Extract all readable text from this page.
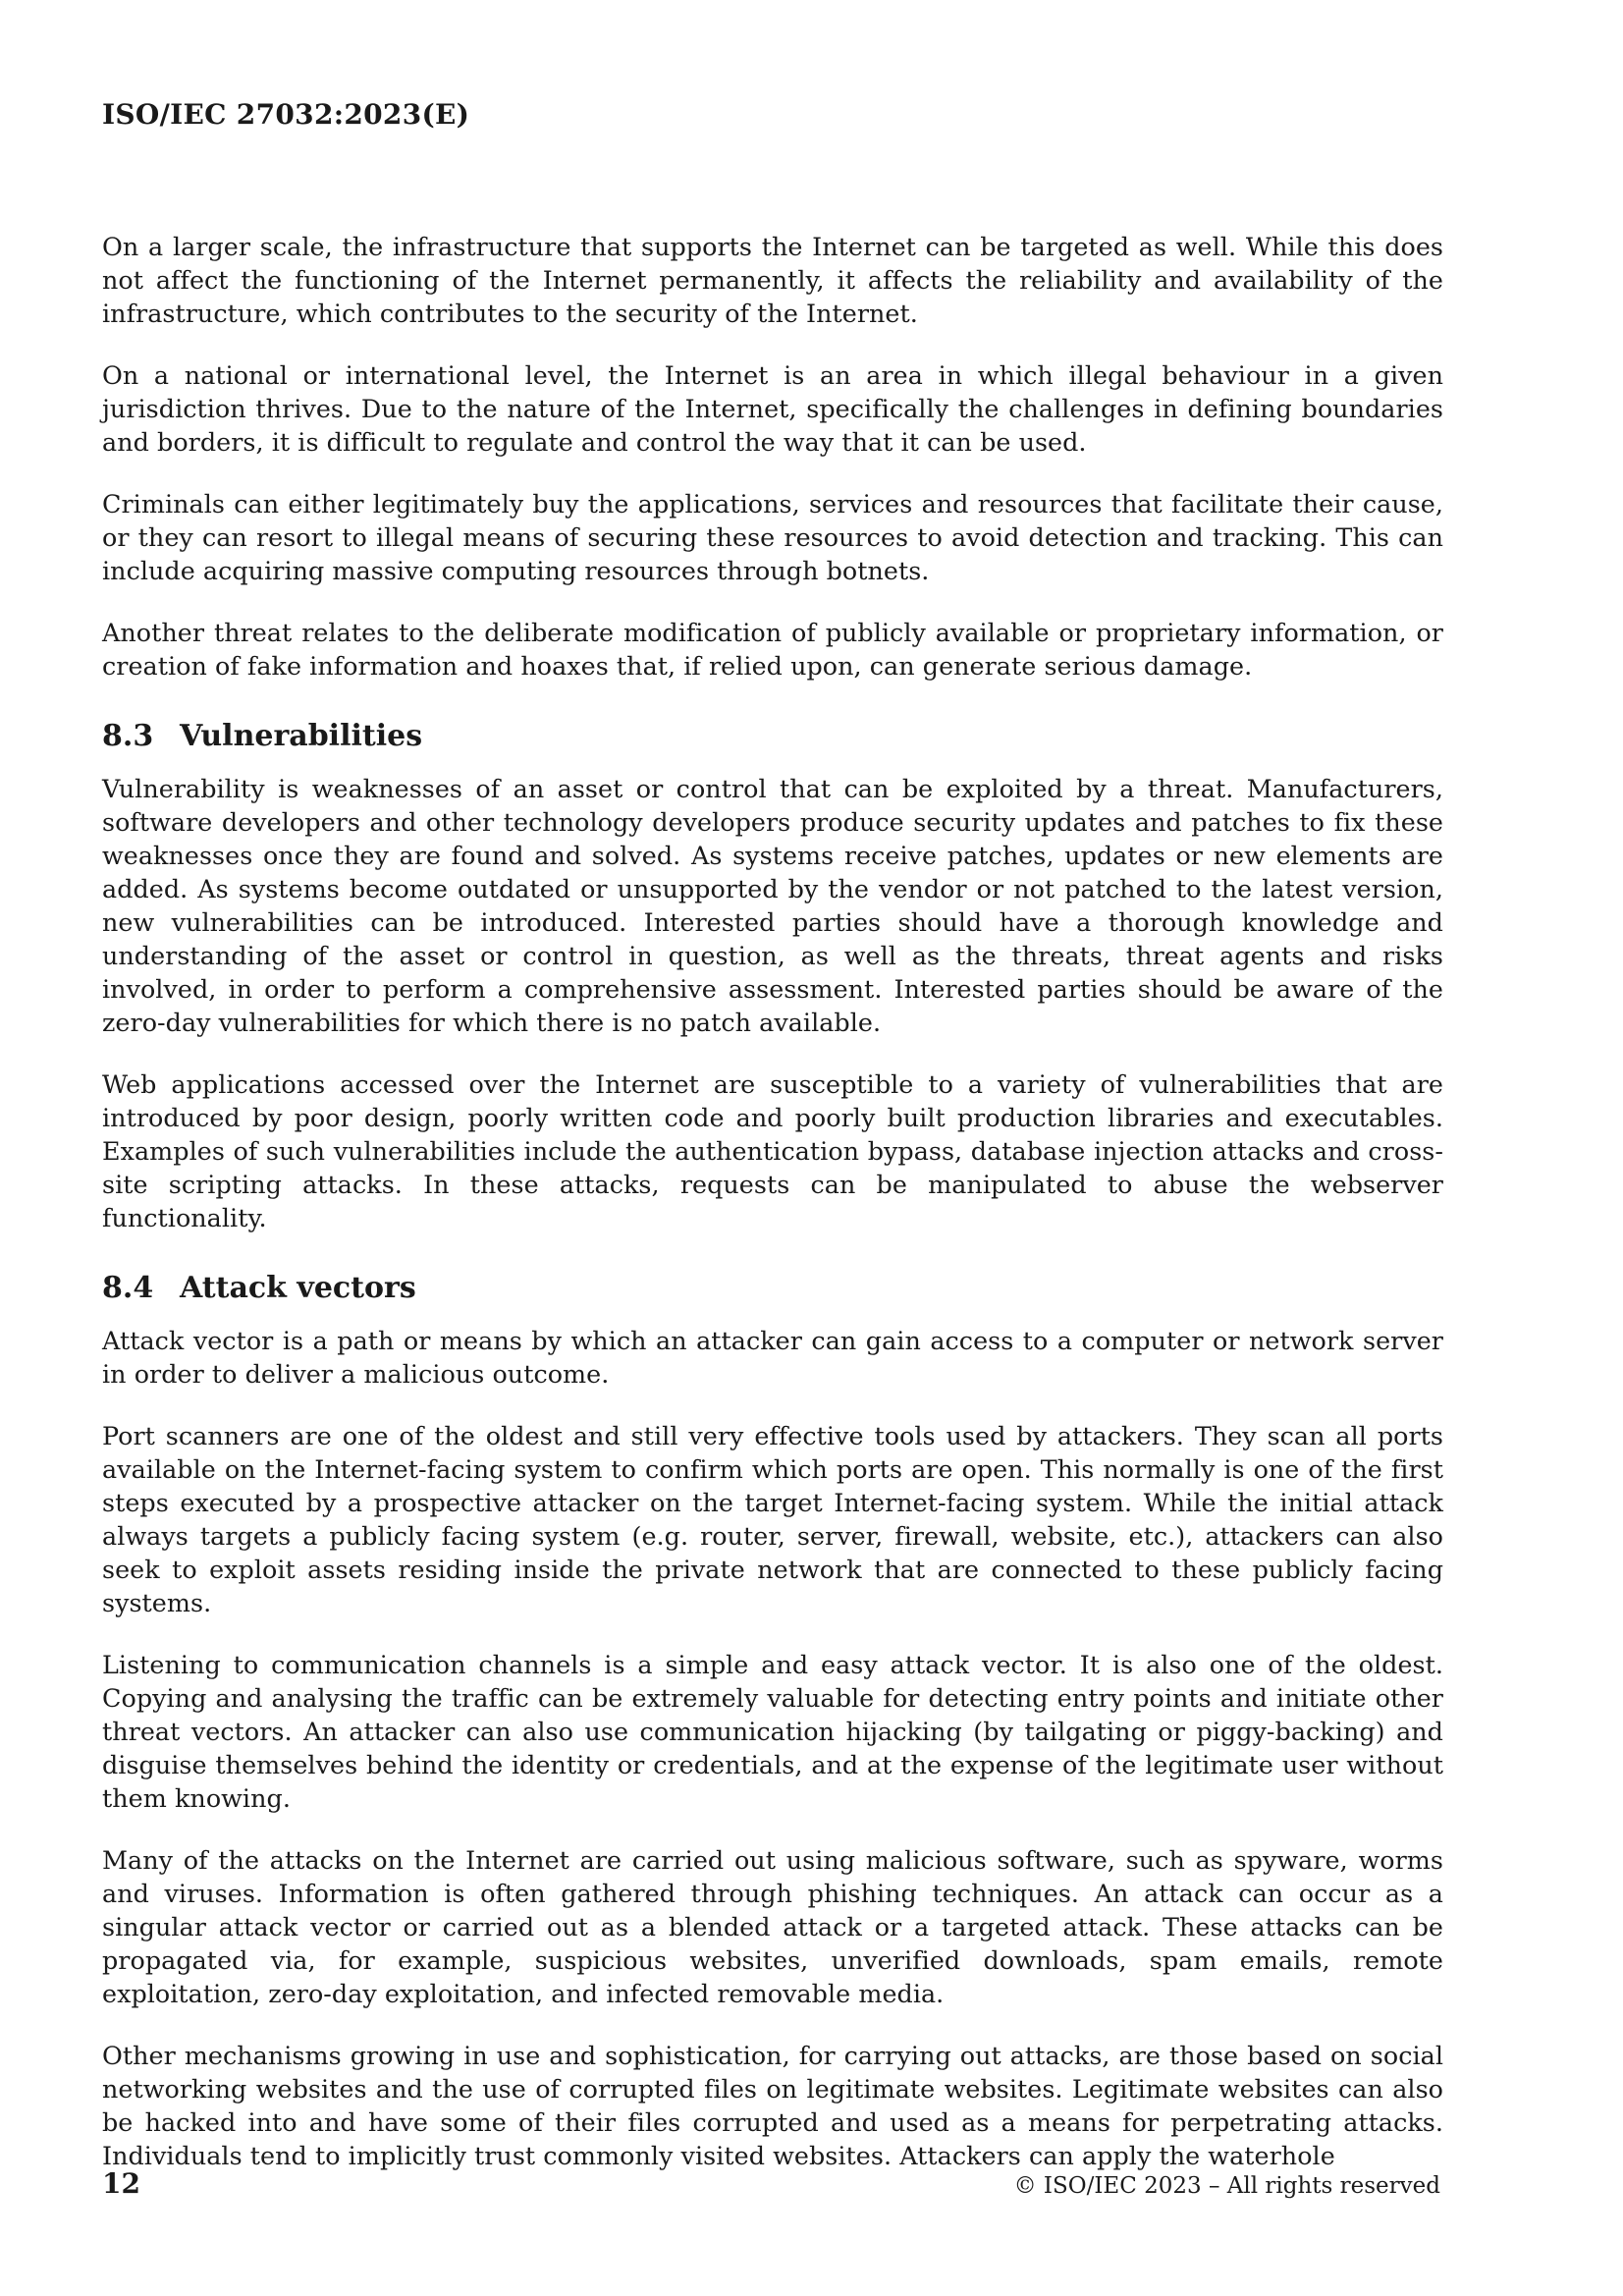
ISO/IEC 27032:2023(E)

On a larger scale, the infrastructure that supports the Internet can be targeted as well. While this does not affect the functioning of the Internet permanently, it affects the reliability and availability of the infrastructure, which contributes to the security of the Internet.

On a national or international level, the Internet is an area in which illegal behaviour in a given jurisdiction thrives. Due to the nature of the Internet, specifically the challenges in defining boundaries and borders, it is difficult to regulate and control the way that it can be used.

Criminals can either legitimately buy the applications, services and resources that facilitate their cause, or they can resort to illegal means of securing these resources to avoid detection and tracking. This can include acquiring massive computing resources through botnets.

Another threat relates to the deliberate modification of publicly available or proprietary information, or creation of fake information and hoaxes that, if relied upon, can generate serious damage.

8.3 Vulnerabilities

Vulnerability is weaknesses of an asset or control that can be exploited by a threat. Manufacturers, software developers and other technology developers produce security updates and patches to fix these weaknesses once they are found and solved. As systems receive patches, updates or new elements are added. As systems become outdated or unsupported by the vendor or not patched to the latest version, new vulnerabilities can be introduced. Interested parties should have a thorough knowledge and understanding of the asset or control in question, as well as the threats, threat agents and risks involved, in order to perform a comprehensive assessment. Interested parties should be aware of the zero-day vulnerabilities for which there is no patch available.

Web applications accessed over the Internet are susceptible to a variety of vulnerabilities that are introduced by poor design, poorly written code and poorly built production libraries and executables. Examples of such vulnerabilities include the authentication bypass, database injection attacks and cross-site scripting attacks. In these attacks, requests can be manipulated to abuse the webserver functionality.

8.4 Attack vectors

Attack vector is a path or means by which an attacker can gain access to a computer or network server in order to deliver a malicious outcome.

Port scanners are one of the oldest and still very effective tools used by attackers. They scan all ports available on the Internet-facing system to confirm which ports are open. This normally is one of the first steps executed by a prospective attacker on the target Internet-facing system. While the initial attack always targets a publicly facing system (e.g. router, server, firewall, website, etc.), attackers can also seek to exploit assets residing inside the private network that are connected to these publicly facing systems.

Listening to communication channels is a simple and easy attack vector. It is also one of the oldest. Copying and analysing the traffic can be extremely valuable for detecting entry points and initiate other threat vectors. An attacker can also use communication hijacking (by tailgating or piggy-backing) and disguise themselves behind the identity or credentials, and at the expense of the legitimate user without them knowing.

Many of the attacks on the Internet are carried out using malicious software, such as spyware, worms and viruses. Information is often gathered through phishing techniques. An attack can occur as a singular attack vector or carried out as a blended attack or a targeted attack. These attacks can be propagated via, for example, suspicious websites, unverified downloads, spam emails, remote exploitation, zero-day exploitation, and infected removable media.

Other mechanisms growing in use and sophistication, for carrying out attacks, are those based on social networking websites and the use of corrupted files on legitimate websites. Legitimate websites can also be hacked into and have some of their files corrupted and used as a means for perpetrating attacks. Individuals tend to implicitly trust commonly visited websites. Attackers can apply the waterhole

12	© ISO/IEC 2023 – All rights reserved
